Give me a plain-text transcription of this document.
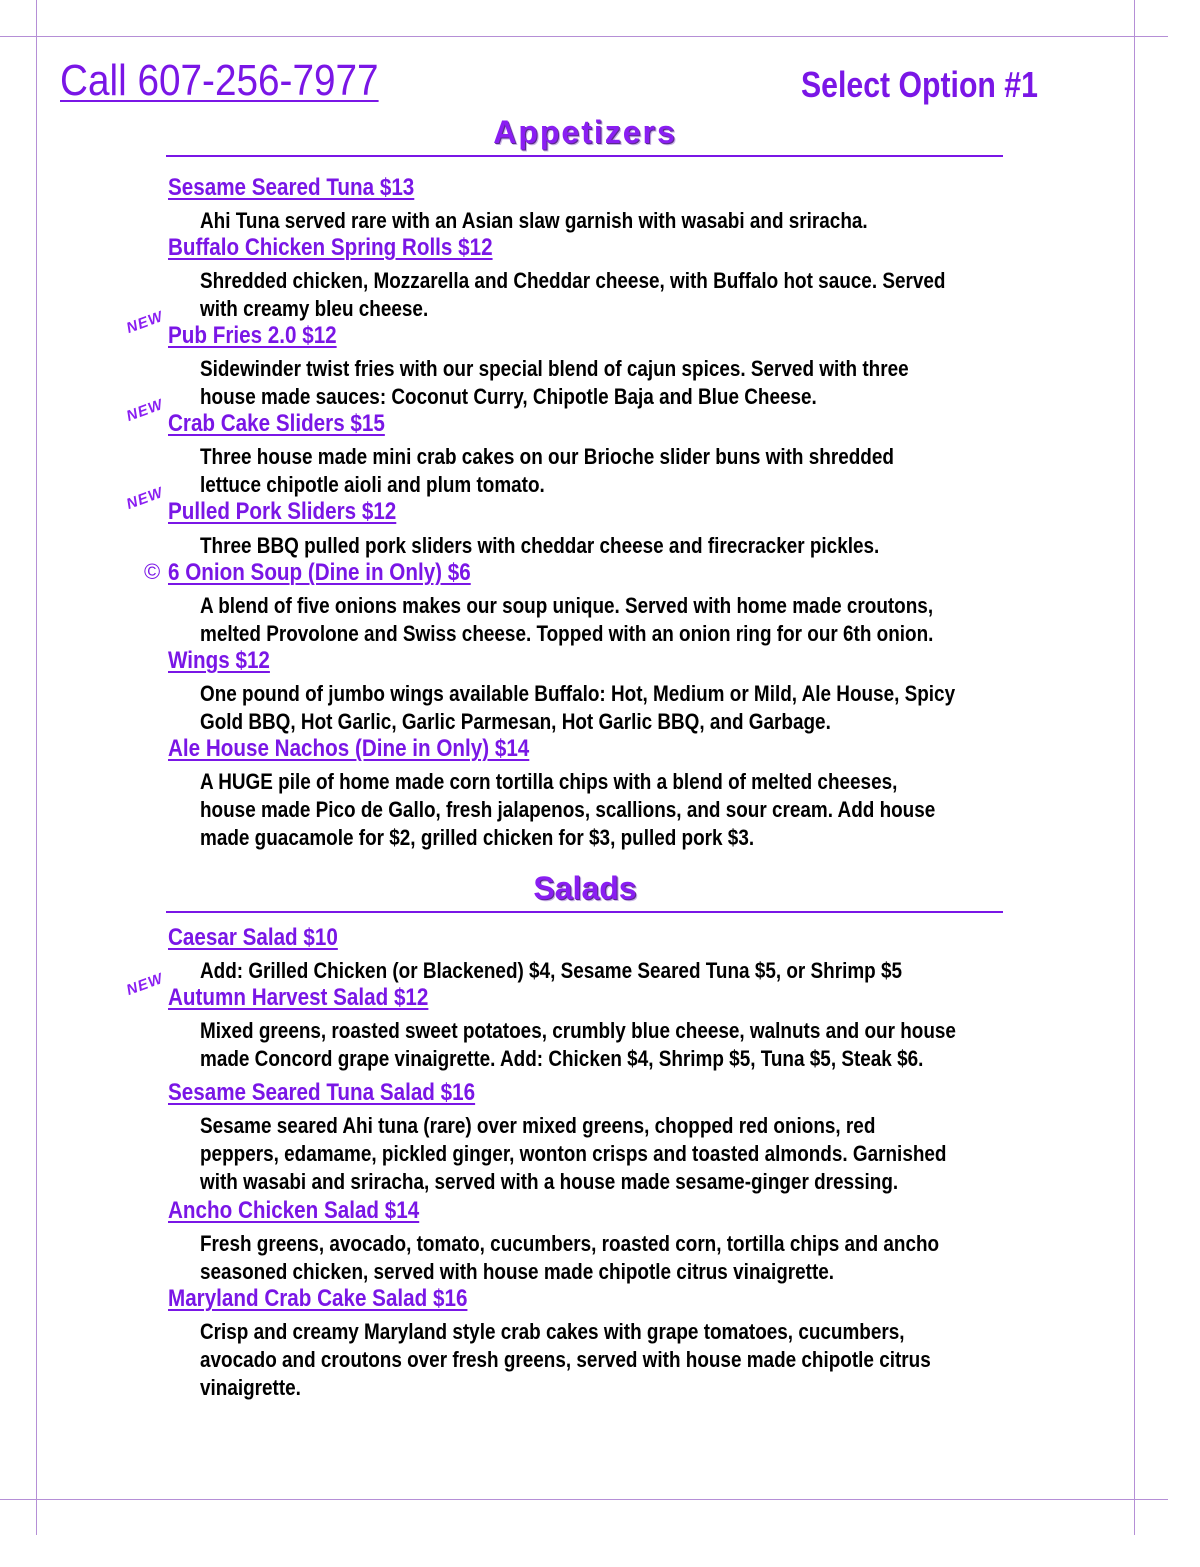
Call 607-256-7977	Select Option #1
Appetizers
Sesame Seared Tuna $13
Ahi Tuna served rare with an Asian slaw garnish with wasabi and sriracha.
Buffalo Chicken Spring Rolls $12
Shredded chicken, Mozzarella and Cheddar cheese, with Buffalo hot sauce. Served
with creamy bleu cheese.
NEW Pub Fries 2.0 $12
Sidewinder twist fries with our special blend of cajun spices. Served with three
house made sauces: Coconut Curry, Chipotle Baja and Blue Cheese.
NEW Crab Cake Sliders $15
Three house made mini crab cakes on our Brioche slider buns with shredded
lettuce chipotle aioli and plum tomato.
NEW Pulled Pork Sliders $12
Three BBQ pulled pork sliders with cheddar cheese and firecracker pickles.
© 6 Onion Soup (Dine in Only) $6
A blend of five onions makes our soup unique. Served with home made croutons,
melted Provolone and Swiss cheese. Topped with an onion ring for our 6th onion.
Wings $12
One pound of jumbo wings available Buffalo: Hot, Medium or Mild, Ale House, Spicy
Gold BBQ, Hot Garlic, Garlic Parmesan, Hot Garlic BBQ, and Garbage.
Ale House Nachos (Dine in Only) $14
A HUGE pile of home made corn tortilla chips with a blend of melted cheeses,
house made Pico de Gallo, fresh jalapenos, scallions, and sour cream. Add house
made guacamole for $2, grilled chicken for $3, pulled pork $3.
Salads
Caesar Salad $10
Add: Grilled Chicken (or Blackened) $4, Sesame Seared Tuna $5, or Shrimp $5
NEW Autumn Harvest Salad $12
Mixed greens, roasted sweet potatoes, crumbly blue cheese, walnuts and our house
made Concord grape vinaigrette. Add: Chicken $4, Shrimp $5, Tuna $5, Steak $6.
Sesame Seared Tuna Salad $16
Sesame seared Ahi tuna (rare) over mixed greens, chopped red onions, red
peppers, edamame, pickled ginger, wonton crisps and toasted almonds. Garnished
with wasabi and sriracha, served with a house made sesame-ginger dressing.
Ancho Chicken Salad $14
Fresh greens, avocado, tomato, cucumbers, roasted corn, tortilla chips and ancho
seasoned chicken, served with house made chipotle citrus vinaigrette.
Maryland Crab Cake Salad $16
Crisp and creamy Maryland style crab cakes with grape tomatoes, cucumbers,
avocado and croutons over fresh greens, served with house made chipotle citrus
vinaigrette.
